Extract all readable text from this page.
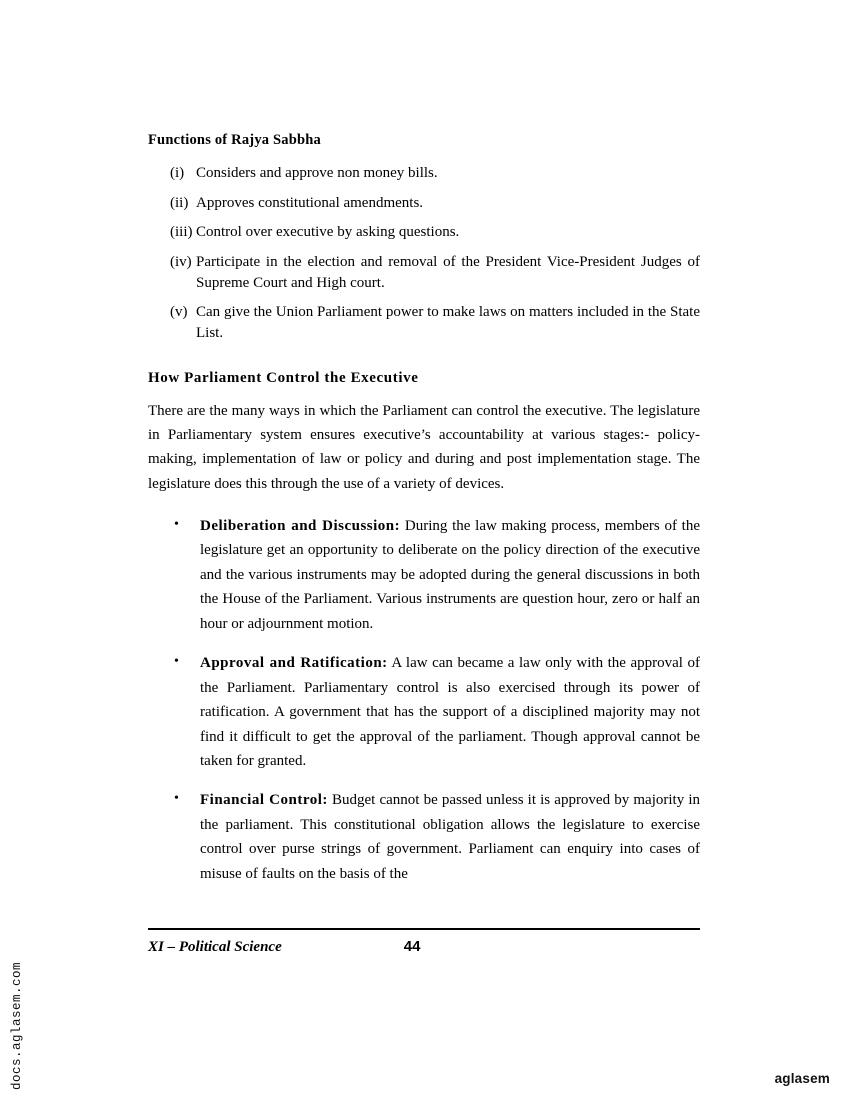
docs.aglasem.com
Functions of Rajya Sabbha
(i) Considers and approve non money bills.
(ii) Approves constitutional amendments.
(iii) Control over executive by asking questions.
(iv) Participate in the election and removal of the President Vice-President Judges of Supreme Court and High court.
(v) Can give the Union Parliament power to make laws on matters included in the State List.
How Parliament Control the Executive

There are the many ways in which the Parliament can control the executive. The legislature in Parliamentary system ensures executive’s accountability at various stages:- policy-making, implementation of law or policy and during and post implementation stage. The legislature does this through the use of a variety of devices.

•	Deliberation and Discussion: During the law making process, members of the legislature get an opportunity to deliberate on the policy direction of the executive and the various instruments may be adopted during the general discussions in both the House of the Parliament. Various instruments are question hour, zero or half an hour or adjournment motion.
•	Approval and Ratification: A law can became a law only with the approval of the Parliament. Parliamentary control is also exercised through its power of ratification. A government that has the support of a disciplined majority may not find it difficult to get the approval of the parliament. Though approval cannot be taken for granted.
•	Financial Control: Budget cannot be passed unless it is approved by majority in the parliament. This constitutional obligation allows the legislature to exercise control over purse strings of government. Parliament can enquiry into cases of misuse of faults on the basis of the
XI – Political Science	44
aglasem
